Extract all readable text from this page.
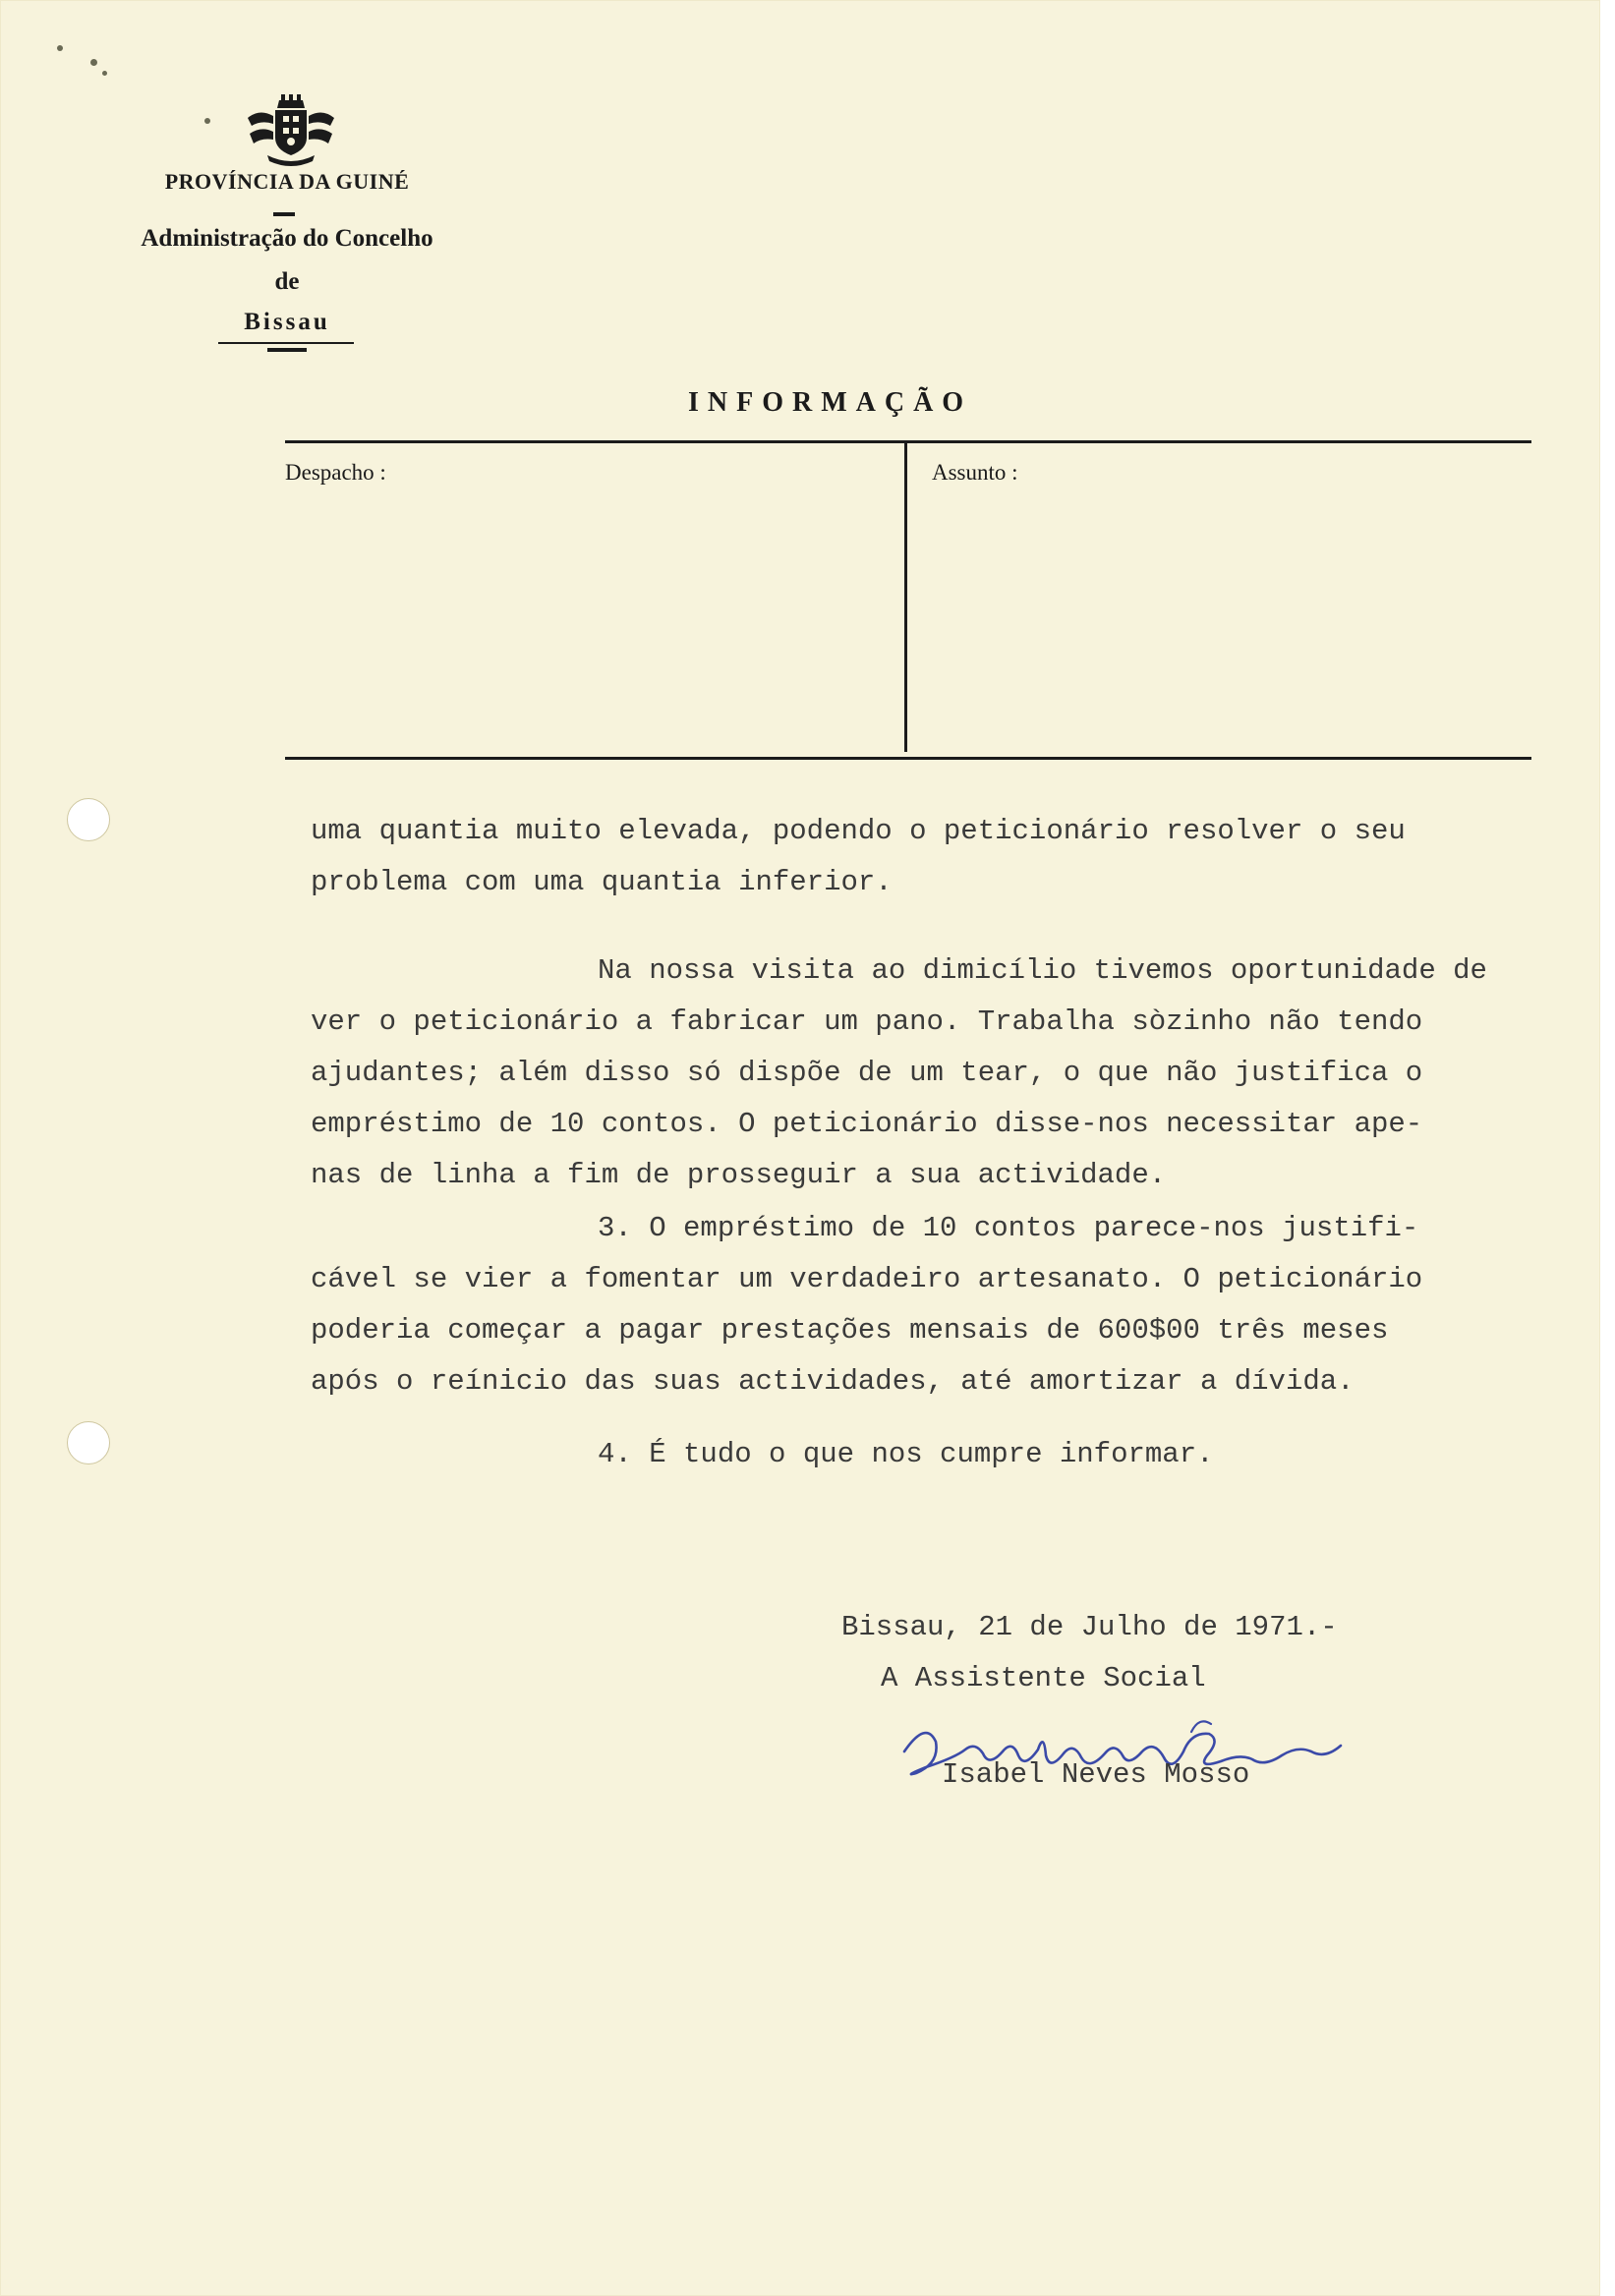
PROVÍNCIA DA GUINÉ
Administração do Concelho
de
Bissau
INFORMAÇÃO
Despacho :	Assunto :
uma quantia muito elevada, podendo o peticionário resolver o seu
problema com uma quantia inferior.
Na nossa visita ao dimicílio tivemos oportunidade de
ver o peticionário a fabricar um pano. Trabalha sòzinho não tendo
ajudantes; além disso só dispõe de um tear, o que não justifica o
empréstimo de 10 contos. O peticionário disse-nos necessitar ape-
nas de linha a fim de prosseguir a sua actividade.
3. O empréstimo de 10 contos parece-nos justifi-
cável se vier a fomentar um verdadeiro artesanato. O peticionário
poderia começar a pagar prestações mensais de 600$00 três meses
após o reínicio das suas actividades, até amortizar a dívida.
4. É tudo o que nos cumpre informar.
Bissau, 21 de Julho de 1971.-
A Assistente Social
Isabel Neves Mosso
